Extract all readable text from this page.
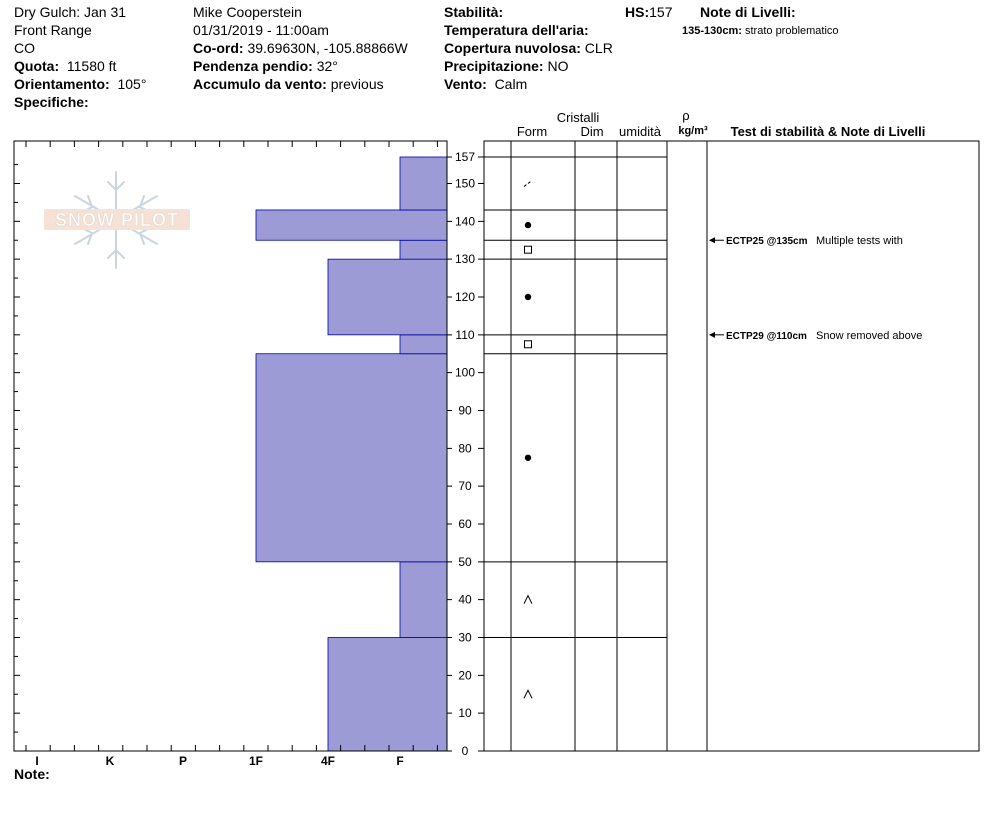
Dry Gulch: Jan 31
Front Range
CO
Quota: 11580 ft
Orientamento: 105°
Specifiche:
Mike Cooperstein
01/31/2019 - 11:00am
Co-ord: 39.69630N, -105.88866W
Pendenza pendio: 32°
Accumulo da vento: previous
Stabilità:
Temperatura dell'aria:
Copertura nuvolosa: CLR
Precipitazione: NO
Vento: Calm
HS:157 Note di Livelli:
135-130cm: strato problematico
Note:
Cristalli
Form	Dim umidità
ρ
kg/m³ Test di stabilità & Note di Livelli
SNOW PILOT
I	K	P	1F	4F	F
0
10
20
30
40
50
60
70
80
90
100
110
120
130
140
150
157
ECTP25 @135cm Multiple tests with
ECTP29 @110cm Snow removed above
